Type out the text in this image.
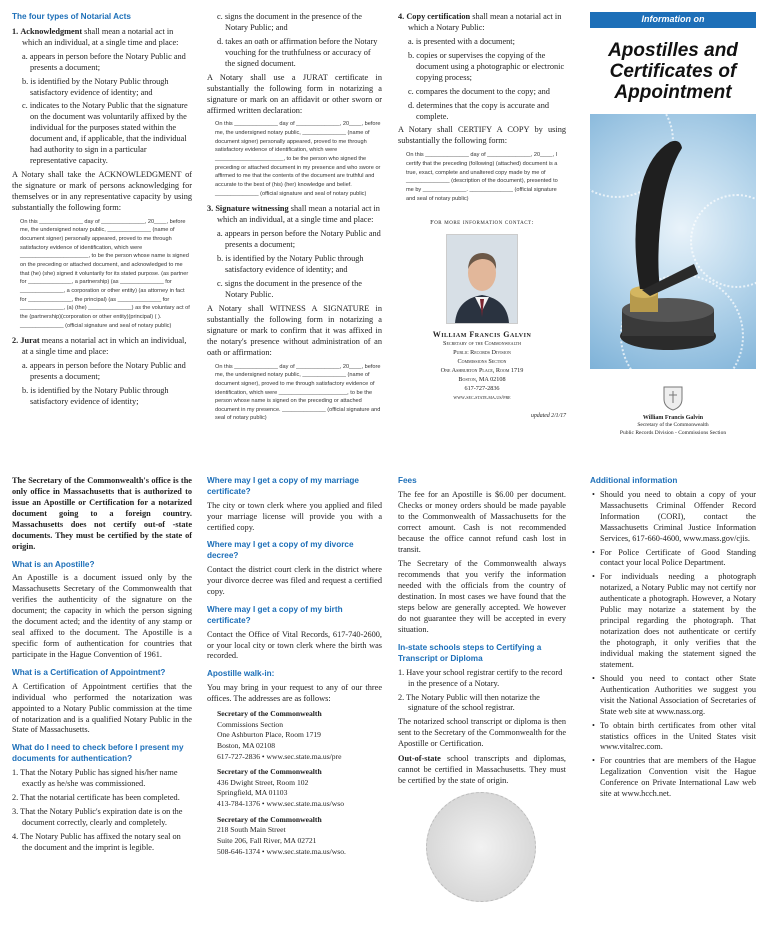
The four types of Notarial Acts

1. Acknowledgment shall mean a notarial act in which an individual, at a single time and place:

a. appears in person before the Notary Public and presents a document;

b. is identified by the Notary Public through satisfactory evidence of identity; and

c. indicates to the Notary Public that the signature on the document was voluntarily affixed by the individual for the purposes stated within the document and, if applicable, that the individual had authority to sign in a particular representative capacity.

A Notary shall take the ACKNOWLEDGMENT of the signature or mark of persons acknowledging for themselves or in any representative capacity by using substantially the following form:

On this ______________ day of ______________, 20____, before me, the undersigned notary public, ______________ (name of document signer) personally appeared, proved to me through satisfactory evidence of identification, which were ______________________, to be the person whose name is signed on the preceding or attached document, and acknowledged to me that (he) (she) signed it voluntarily for its stated purpose. (as partner for ______________, a partnership) (as ______________ for ______________, a corporation or other entity) (as attorney in fact for ______________, the principal) (as ______________ for ______________, (a) (the) ______________) as the voluntary act of the (partnership)(corporation or other entity)(principal) ( ). ______________ (official signature and seal of notary public)

2. Jurat means a notarial act in which an individual, at a single time and place:

a. appears in person before the Notary Public and presents a document;

b. is identified by the Notary Public through satisfactory evidence of identity;

c. signs the document in the presence of the Notary Public; and

d. takes an oath or affirmation before the Notary vouching for the truthfulness or accuracy of the signed document.

A Notary shall use a JURAT certificate in substantially the following form in notarizing a signature or mark on an affidavit or other sworn or affirmed written declaration:

On this ______________ day of ______________, 20____, before me, the undersigned notary public, ______________ (name of document signer) personally appeared, proved to me through satisfactory evidence of identification, which were ______________________, to be the person who signed the preceding or attached document in my presence and who swore or affirmed to me that the contents of the document are truthful and accurate to the best of (his) (her) knowledge and belief. ______________ (official signature and seal of notary public)

3. Signature witnessing shall mean a notarial act in which an individual, at a single time and place:

a. appears in person before the Notary Public and presents a document;

b. is identified by the Notary Public through satisfactory evidence of identity; and

c. signs the document in the presence of the Notary Public.

A Notary shall WITNESS A SIGNATURE in substantially the following form in notarizing a signature or mark to confirm that it was affixed in the notary's presence without administration of an oath or affirmation:

On this ______________ day of ______________, 20____, before me, the undersigned notary public, ______________ (name of document signer), proved to me through satisfactory evidence of identification, which were ______________________, to be the person whose name is signed on the preceding or attached document in my presence. ______________ (official signature and seal of notary public)

4. Copy certification shall mean a notarial act in which a Notary Public:

a. is presented with a document;

b. copies or supervises the copying of the document using a photographic or electronic copying process;

c. compares the document to the copy; and

d. determines that the copy is accurate and complete.

A Notary shall CERTIFY A COPY by using substantially the following form:

On this ______________ day of ______________, 20____, I certify that the preceding (following) (attached) document is a true, exact, complete and unaltered copy made by me of ______________ (description of the document), presented to me by ______________. ______________ (official signature and seal of notary public)
For more information contact:
William Francis Galvin
Secretary of the Commonwealth
Public Records Division
Commissions Section
One Ashburton Place, Room 1719
Boston, MA 02108
617-727-2836
www.sec.state.ma.us/pre
updated 2/1/17
Information on
Apostilles and Certificates of Appointment
William Francis Galvin
Secretary of the Commonwealth
Public Records Division - Commissions Section

The Secretary of the Commonwealth's office is the only office in Massachusetts that is authorized to issue an Apostille or Certification for a notarized document going to a foreign country. Massachusetts does not certify out-of -state documents. They must be certified by the state of origin.

What is an Apostille?

An Apostille is a document issued only by the Massachusetts Secretary of the Commonwealth that verifies the authenticity of the signature on the document; the capacity in which the person signing the document acted; and the identity of any stamp or seal affixed to the document. The Apostille is a specific form of authentication for countries that participate in the Hague Convention of 1961.

What is a Certification of Appointment?

A Certification of Appointment certifies that the individual who performed the notarization was appointed to a Notary Public commission at the time of notarization and is a qualified Notary Public in the State of Massachusetts.

What do I need to check before I present my documents for authentication?

1. That the Notary Public has signed his/her name exactly as he/she was commissioned.

2. That the notarial certificate has been completed.

3. That the Notary Public's expiration date is on the document correctly, clearly and completely.

4. The Notary Public has affixed the notary seal on the document and the imprint is legible.

Where may I get a copy of my marriage certificate?

The city or town clerk where you applied and filed your marriage license will provide you with a certified copy.

Where may I get a copy of my divorce decree?

Contact the district court clerk in the district where your divorce decree was filed and request a certified copy.

Where may I get a copy of my birth certificate?

Contact the Office of Vital Records, 617-740-2600, or your local city or town clerk where the birth was recorded.

Apostille walk-in:

You may bring in your request to any of our three offices. The addresses are as follows:

Secretary of the Commonwealth
Commissions Section
One Ashburton Place, Room 1719
Boston, MA 02108
617-727-2836 • www.sec.state.ma.us/pre
Secretary of the Commonwealth
436 Dwight Street, Room 102
Springfield, MA 01103
413-784-1376 • www.sec.state.ma.us/wso
Secretary of the Commonwealth
218 South Main Street
Suite 206, Fall River, MA 02721
508-646-1374 • www.sec.state.ma.us/wso.
Fees

The fee for an Apostille is $6.00 per document. Checks or money orders should be made payable to the Commonwealth of Massachusetts for the correct amount. Cash is not recommended because the office cannot refund cash lost in transit.

The Secretary of the Commonwealth always recommends that you verify the information needed with the officials from the country of destination. In most cases we have found that the steps below are generally accepted. We however do not guarantee they will be accepted in every situation.

In-state schools steps to Certifying a Transcript or Diploma

1. Have your school registrar certify to the record in the presence of a Notary.

2. The Notary Public will then notarize the signature of the school registrar.

The notarized school transcript or diploma is then sent to the Secretary of the Commonwealth for the Apostille or Certification.

Out-of-state school transcripts and diplomas, cannot be certified in Massachusetts. They must be certified by the state of origin.

Additional information
• Should you need to obtain a copy of your Massachusetts Criminal Offender Record Information (CORI), contact the Massachusetts Criminal Justice Information Services, 617-660-4600, www.mass.gov/cjis.
• For Police Certificate of Good Standing contact your local Police Department.
• For individuals needing a photograph notarized, a Notary Public may not certify nor authenticate a photograph. However, a Notary Public may notarize a statement by the principal regarding the photograph. That notarization does not authenticate or certify the photograph, it only verifies that the individual making the statement signed the statement.
• Should you need to contact other State Authentication Authorities we suggest you visit the National Association of Secretaries of State web site at www.nass.org.
• To obtain birth certificates from other vital statistics offices in the United States visit www.vitalrec.com.
• For countries that are members of the Hague Legalization Convention visit the Hague Conference on Private International Law web site at www.hcch.net.
